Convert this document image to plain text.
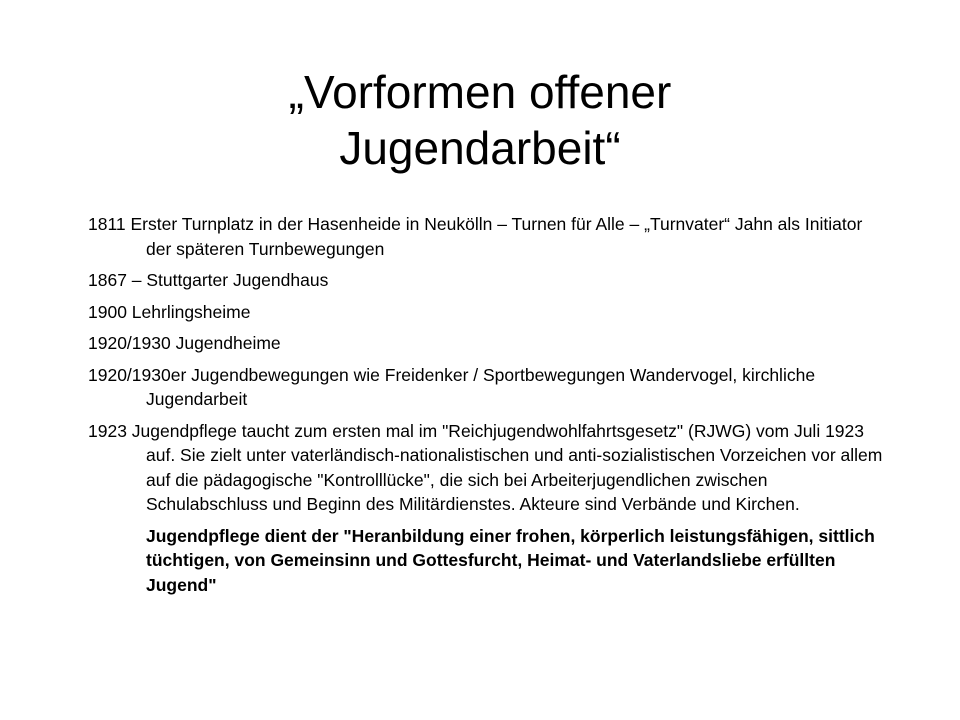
„Vorformen offener
Jugendarbeit“

1811 Erster Turnplatz in der Hasenheide in Neukölln – Turnen für Alle – „Turnvater“ Jahn als Initiator der späteren Turnbewegungen

1867 – Stuttgarter Jugendhaus

1900 Lehrlingsheime

1920/1930 Jugendheime

1920/1930er Jugendbewegungen wie Freidenker / Sportbewegungen Wandervogel, kirchliche Jugendarbeit

1923 Jugendpflege taucht zum ersten mal im "Reichjugendwohlfahrtsgesetz" (RJWG) vom Juli 1923 auf. Sie zielt unter vaterländisch-nationalistischen und anti-sozialistischen Vorzeichen vor allem auf die pädagogische "Kontrolllücke", die sich bei Arbeiterjugendlichen zwischen Schulabschluss und Beginn des Militärdienstes. Akteure sind Verbände und Kirchen.

Jugendpflege dient der "Heranbildung einer frohen, körperlich leistungsfähigen, sittlich tüchtigen, von Gemeinsinn und Gottesfurcht, Heimat- und Vaterlandsliebe erfüllten Jugend"
